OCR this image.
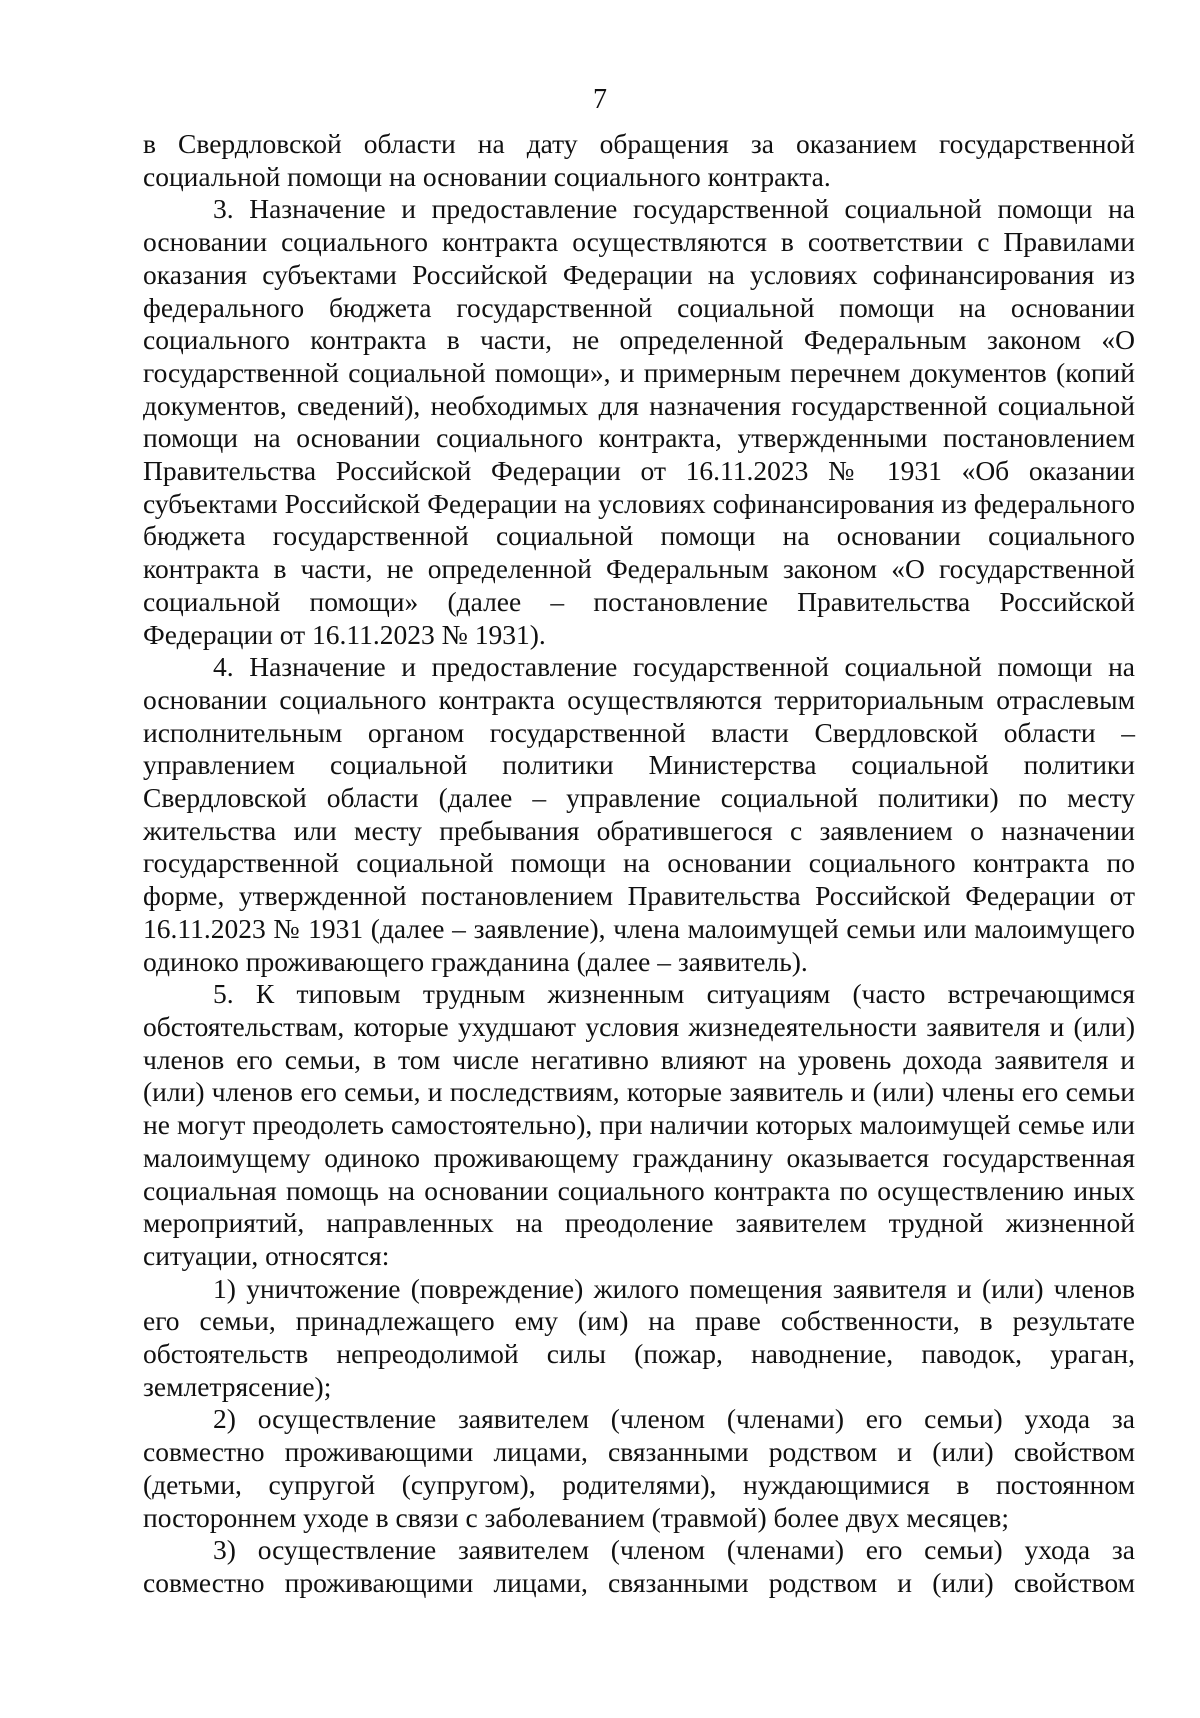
7

в Свердловской области на дату обращения за оказанием государственной социальной помощи на основании социального контракта.

3. Назначение и предоставление государственной социальной помощи на основании социального контракта осуществляются в соответствии с Правилами оказания субъектами Российской Федерации на условиях софинансирования из федерального бюджета государственной социальной помощи на основании социального контракта в части, не определенной Федеральным законом «О государственной социальной помощи», и примерным перечнем документов (копий документов, сведений), необходимых для назначения государственной социальной помощи на основании социального контракта, утвержденными постановлением Правительства Российской Федерации от 16.11.2023 № 1931 «Об оказании субъектами Российской Федерации на условиях софинансирования из федерального бюджета государственной социальной помощи на основании социального контракта в части, не определенной Федеральным законом «О государственной социальной помощи» (далее – постановление Правительства Российской Федерации от 16.11.2023 № 1931).

4. Назначение и предоставление государственной социальной помощи на основании социального контракта осуществляются территориальным отраслевым исполнительным органом государственной власти Свердловской области – управлением социальной политики Министерства социальной политики Свердловской области (далее – управление социальной политики) по месту жительства или месту пребывания обратившегося с заявлением о назначении государственной социальной помощи на основании социального контракта по форме, утвержденной постановлением Правительства Российской Федерации от 16.11.2023 № 1931 (далее – заявление), члена малоимущей семьи или малоимущего одиноко проживающего гражданина (далее – заявитель).

5. К типовым трудным жизненным ситуациям (часто встречающимся обстоятельствам, которые ухудшают условия жизнедеятельности заявителя и (или) членов его семьи, в том числе негативно влияют на уровень дохода заявителя и (или) членов его семьи, и последствиям, которые заявитель и (или) члены его семьи не могут преодолеть самостоятельно), при наличии которых малоимущей семье или малоимущему одиноко проживающему гражданину оказывается государственная социальная помощь на основании социального контракта по осуществлению иных мероприятий, направленных на преодоление заявителем трудной жизненной ситуации, относятся:

1) уничтожение (повреждение) жилого помещения заявителя и (или) членов его семьи, принадлежащего ему (им) на праве собственности, в результате обстоятельств непреодолимой силы (пожар, наводнение, паводок, ураган, землетрясение);

2) осуществление заявителем (членом (членами) его семьи) ухода за совместно проживающими лицами, связанными родством и (или) свойством (детьми, супругой (супругом), родителями), нуждающимися в постоянном постороннем уходе в связи с заболеванием (травмой) более двух месяцев;

3) осуществление заявителем (членом (членами) его семьи) ухода за совместно проживающими лицами, связанными родством и (или) свойством
